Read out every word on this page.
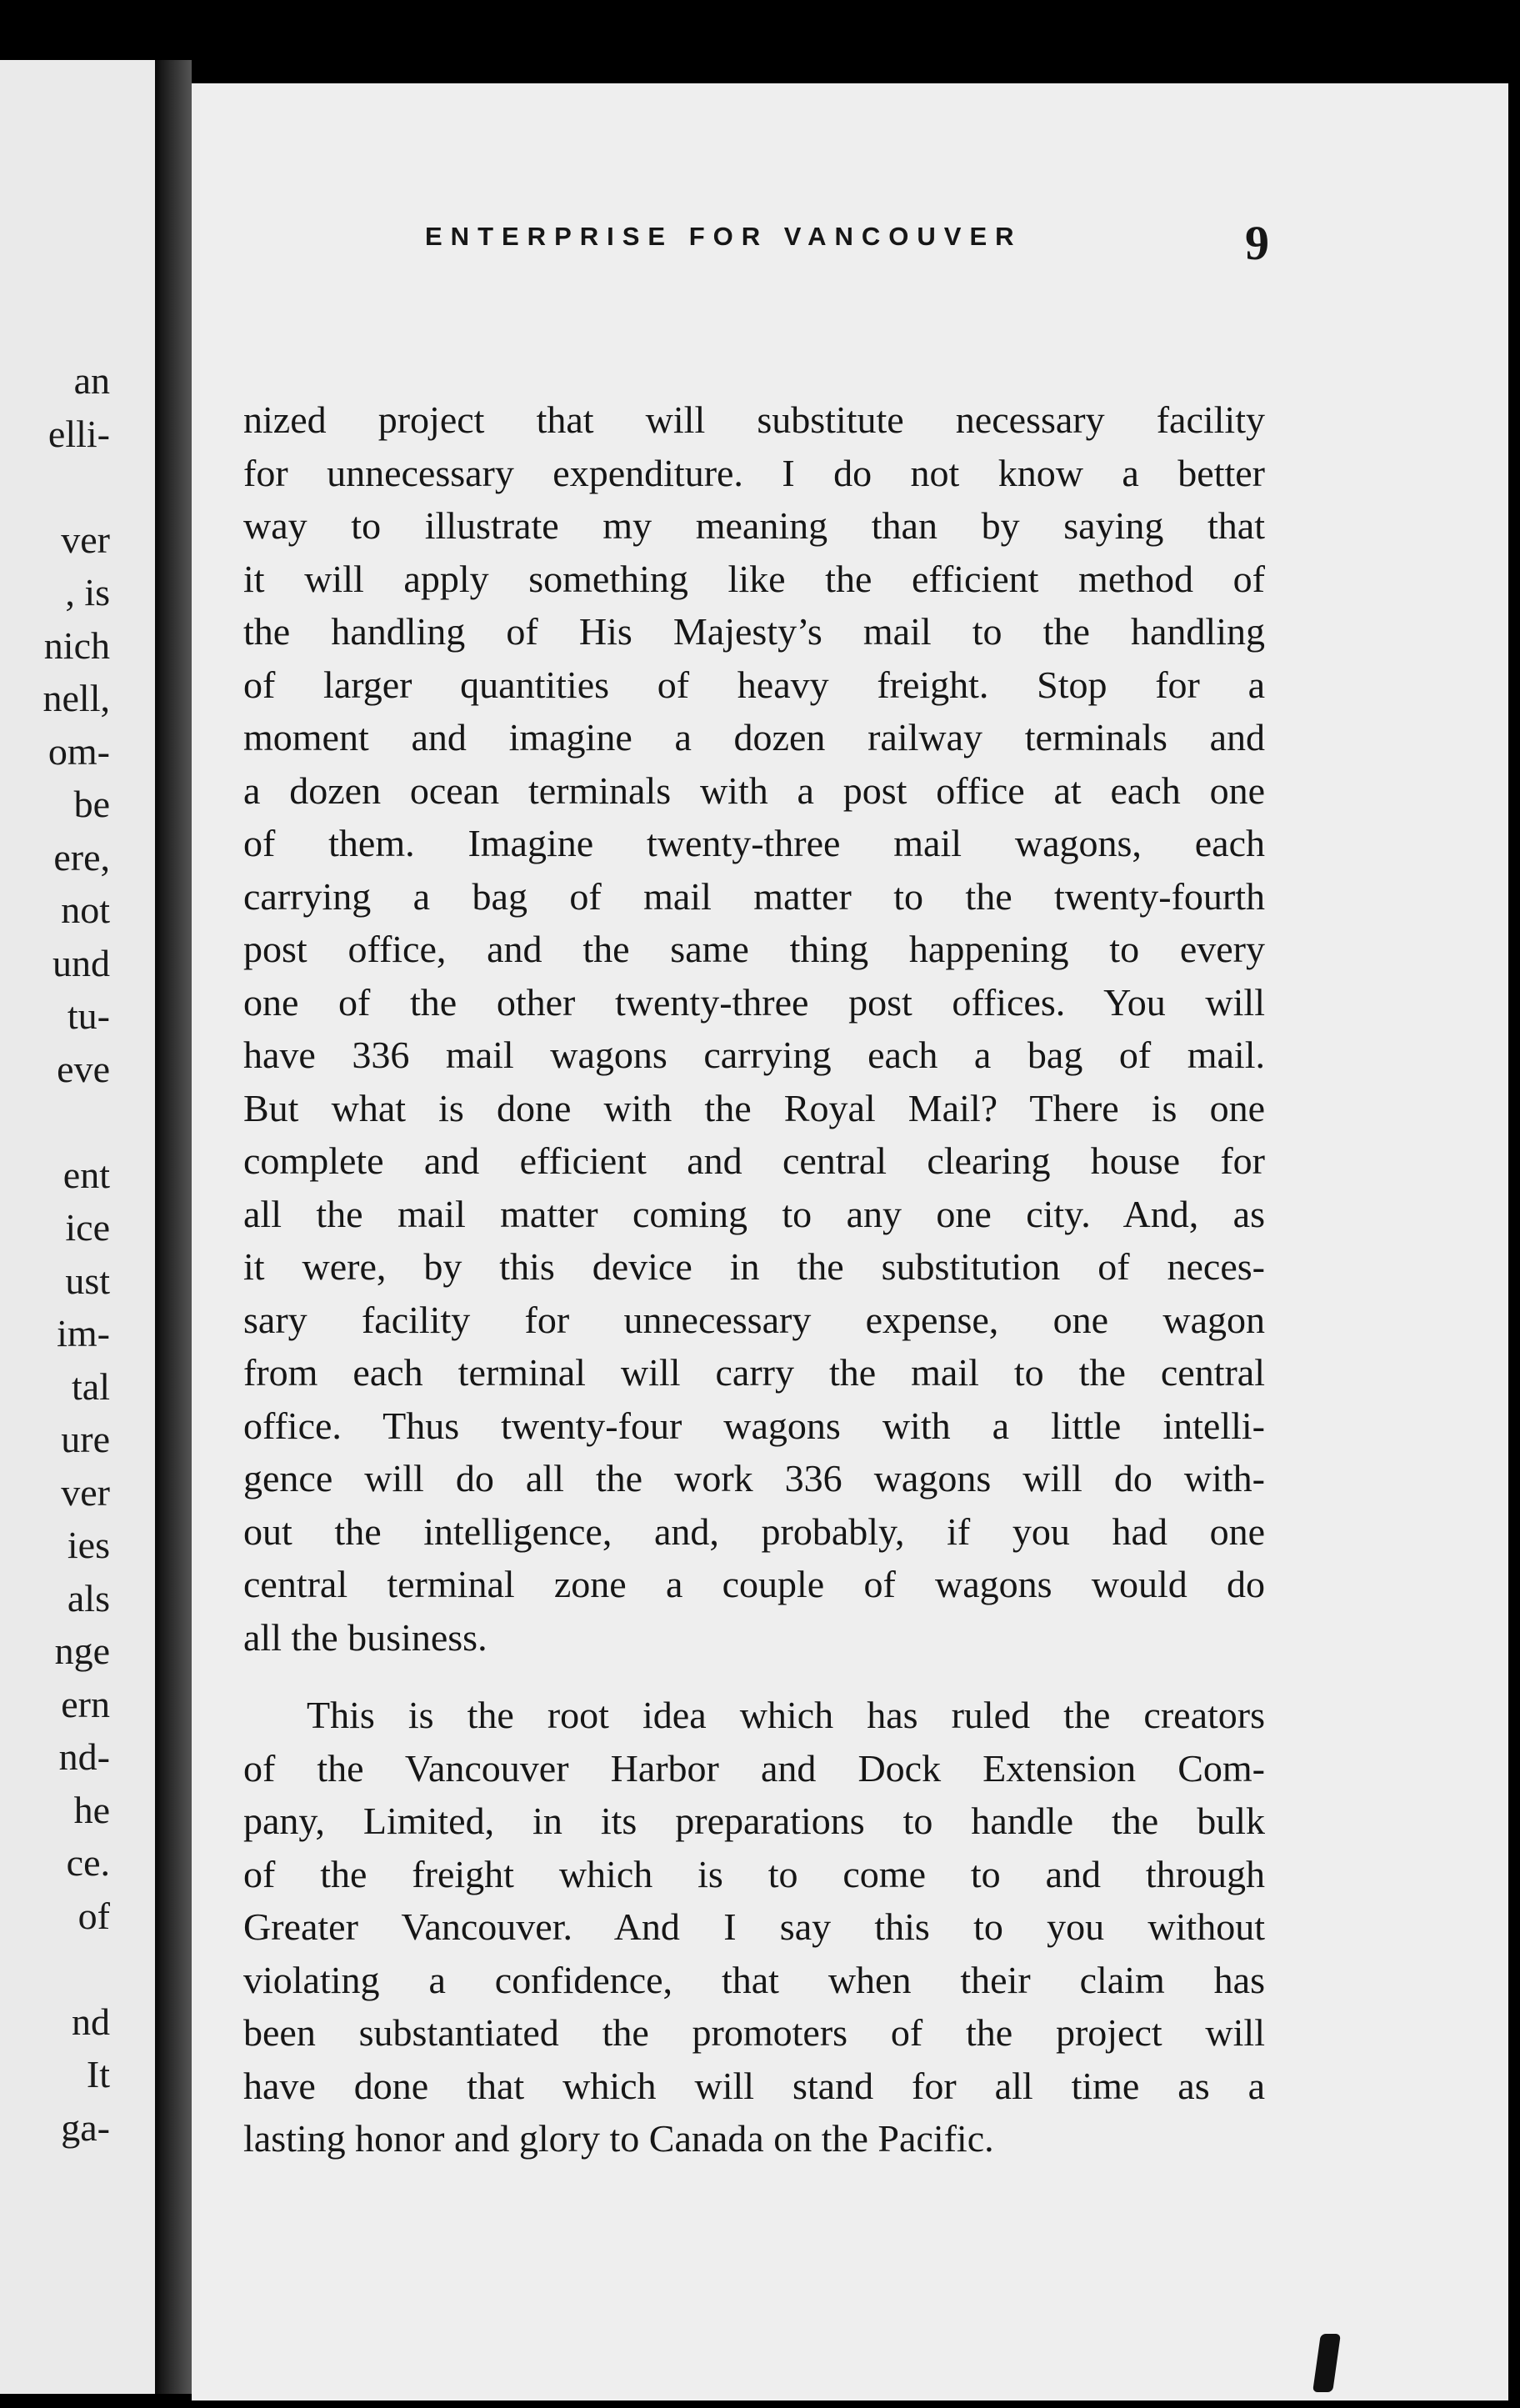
an
elli-
ver
, is
nich
nell,
om-
be
ere,
not
und
tu-
eve
ent
ice
ust
im-
tal
ure
ver
ies
als
nge
ern
nd-
he
ce.
of
nd
It
ga-
ENTERPRISE FOR VANCOUVER	9
nized project that will substitute necessary facility
for unnecessary expenditure. I do not know a better
way to illustrate my meaning than by saying that
it will apply something like the efficient method of
the handling of His Majesty’s mail to the handling
of larger quantities of heavy freight. Stop for a
moment and imagine a dozen railway terminals and
a dozen ocean terminals with a post office at each one
of them. Imagine twenty-three mail wagons, each
carrying a bag of mail matter to the twenty-fourth
post office, and the same thing happening to every
one of the other twenty-three post offices. You will
have 336 mail wagons carrying each a bag of mail.
But what is done with the Royal Mail? There is one
complete and efficient and central clearing house for
all the mail matter coming to any one city. And, as
it were, by this device in the substitution of neces-
sary facility for unnecessary expense, one wagon
from each terminal will carry the mail to the central
office. Thus twenty-four wagons with a little intelli-
gence will do all the work 336 wagons will do with-
out the intelligence, and, probably, if you had one
central terminal zone a couple of wagons would do
all the business.
This is the root idea which has ruled the creators
of the Vancouver Harbor and Dock Extension Com-
pany, Limited, in its preparations to handle the bulk
of the freight which is to come to and through
Greater Vancouver. And I say this to you without
violating a confidence, that when their claim has
been substantiated the promoters of the project will
have done that which will stand for all time as a
lasting honor and glory to Canada on the Pacific.
